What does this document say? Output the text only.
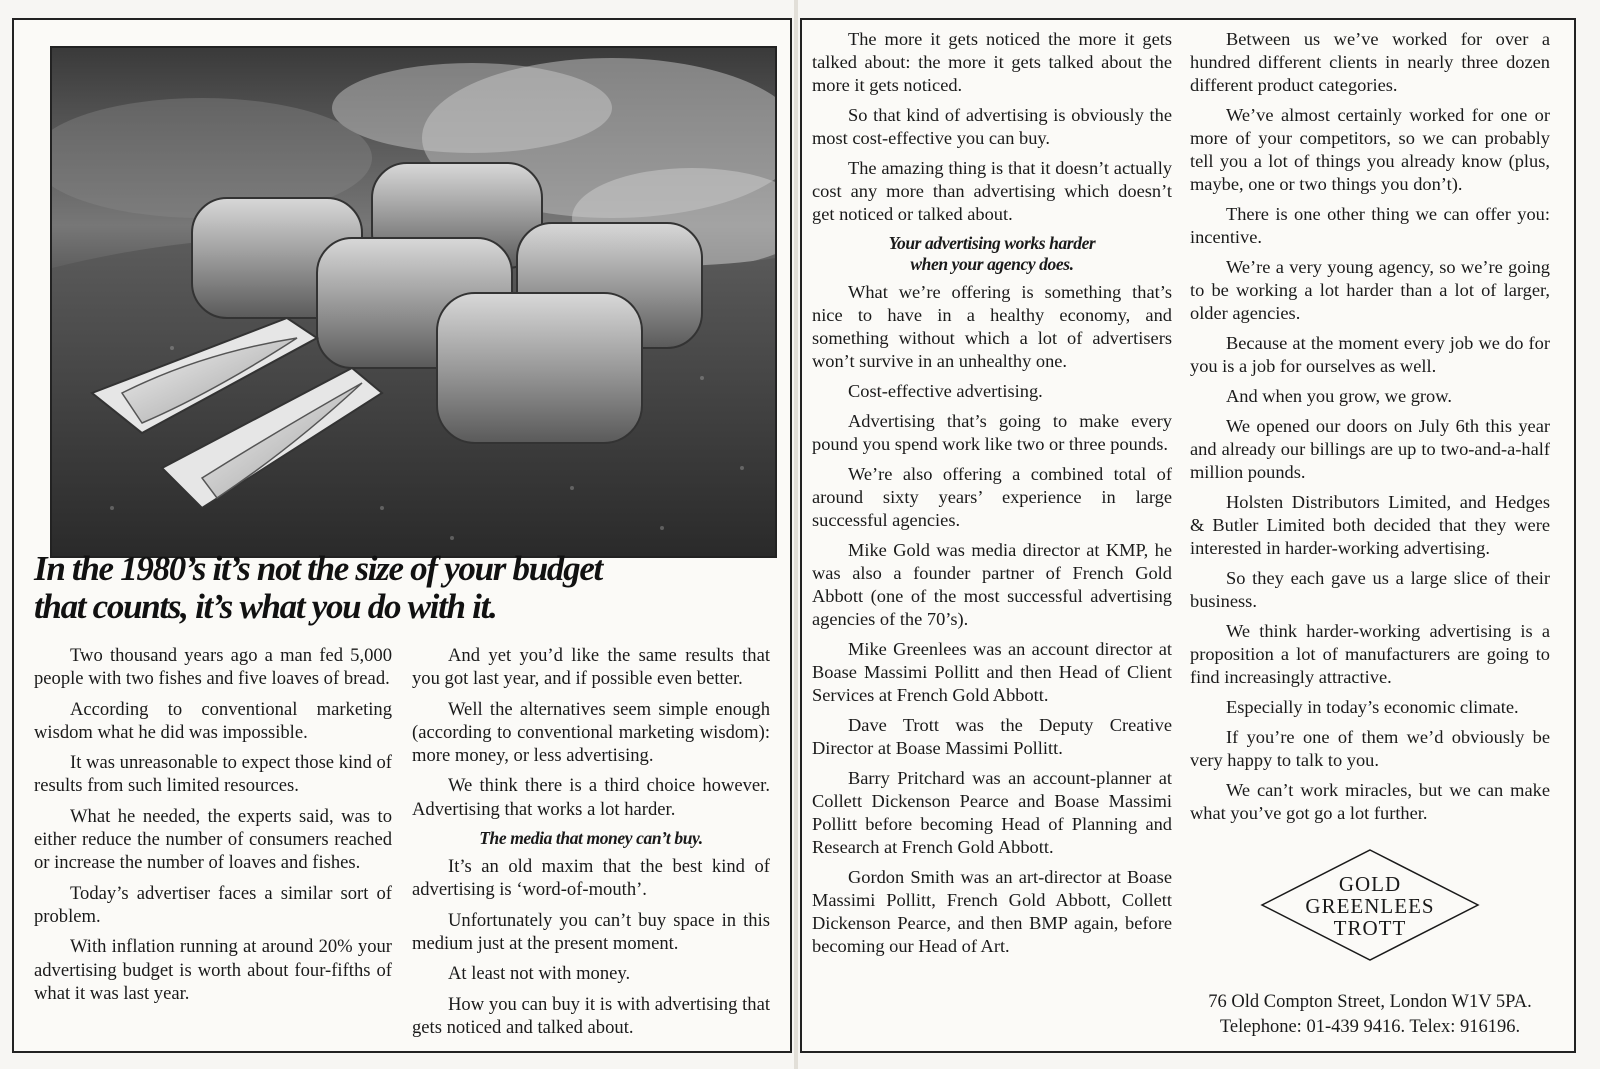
In the 1980’s it’s not the size of your budget
that counts, it’s what you do with it.

Two thousand years ago a man fed 5,000 people with two fishes and five loaves of bread.

According to conventional marketing wisdom what he did was impossible.

It was unreasonable to expect those kind of results from such limited resources.

What he needed, the experts said, was to either reduce the number of consumers reached or increase the number of loaves and fishes.

Today’s advertiser faces a similar sort of problem.

With inflation running at around 20% your advertising budget is worth about four-fifths of what it was last year.

And yet you’d like the same results that you got last year, and if possible even better.

Well the alternatives seem simple enough (according to conventional marketing wisdom): more money, or less advertising.

We think there is a third choice however. Advertising that works a lot harder.

The media that money can’t buy.

It’s an old maxim that the best kind of advertising is ‘word-of-mouth’.

Unfortunately you can’t buy space in this medium just at the present moment.

At least not with money.

How you can buy it is with advertising that gets noticed and talked about.

The more it gets noticed the more it gets talked about: the more it gets talked about the more it gets noticed.

So that kind of advertising is obviously the most cost-effective you can buy.

The amazing thing is that it doesn’t actually cost any more than advertising which doesn’t get noticed or talked about.

Your advertising works harder
when your agency does.

What we’re offering is something that’s nice to have in a healthy economy, and something without which a lot of advertisers won’t survive in an unhealthy one.

Cost-effective advertising.

Advertising that’s going to make every pound you spend work like two or three pounds.

We’re also offering a combined total of around sixty years’ experience in large successful agencies.

Mike Gold was media director at KMP, he was also a founder partner of French Gold Abbott (one of the most successful advertising agencies of the 70’s).

Mike Greenlees was an account director at Boase Massimi Pollitt and then Head of Client Services at French Gold Abbott.

Dave Trott was the Deputy Creative Director at Boase Massimi Pollitt.

Barry Pritchard was an account-planner at Collett Dickenson Pearce and Boase Massimi Pollitt before becoming Head of Planning and Research at French Gold Abbott.

Gordon Smith was an art-director at Boase Massimi Pollitt, French Gold Abbott, Collett Dickenson Pearce, and then BMP again, before becoming our Head of Art.

Between us we’ve worked for over a hundred different clients in nearly three dozen different product categories.

We’ve almost certainly worked for one or more of your competitors, so we can probably tell you a lot of things you already know (plus, maybe, one or two things you don’t).

There is one other thing we can offer you: incentive.

We’re a very young agency, so we’re going to be working a lot harder than a lot of larger, older agencies.

Because at the moment every job we do for you is a job for ourselves as well.

And when you grow, we grow.

We opened our doors on July 6th this year and already our billings are up to two-and-a-half million pounds.

Holsten Distributors Limited, and Hedges & Butler Limited both decided that they were interested in harder-working advertising.

So they each gave us a large slice of their business.

We think harder-working advertising is a proposition a lot of manufacturers are going to find increasingly attractive.

Especially in today’s economic climate.

If you’re one of them we’d obviously be very happy to talk to you.

We can’t work miracles, but we can make what you’ve got go a lot further.

GOLD
GREENLEES
TROTT
76 Old Compton Street, London W1V 5PA.
Telephone: 01-439 9416. Telex: 916196.
